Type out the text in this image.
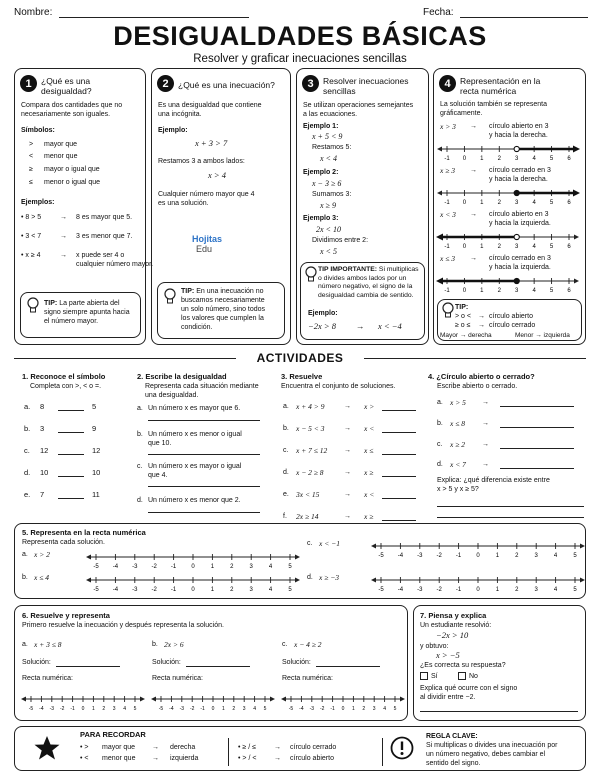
Nombre:	Fecha:
DESIGUALDADES BÁSICAS
Resolver y graficar inecuaciones sencillas
1	¿Qué es una
desigualdad?
Compara dos cantidades que no
necesariamente son iguales.
Símbolos:
> mayor que
< menor que
≥ mayor o igual que
≤ menor o igual que
Ejemplos:
• 8 > 5	→ 8 es mayor que 5.
• 3 < 7	→ 3 es menor que 7.
• x ≥ 4	→ x puede ser 4 o
cualquier número mayor.
TIP: La parte abierta del
signo siempre apunta hacia
el número mayor.
2	¿Qué es una inecuación?
Es una desigualdad que contiene
una incógnita.
Ejemplo:
x + 3 > 7
Restamos 3 a ambos lados:
x > 4
Cualquier número mayor que 4
es una solución.
Hojitas
Edu
TIP: En una inecuación no
buscamos necesariamente
un solo número, sino todos
los valores que cumplen la
condición.
3	Resolver inecuaciones
sencillas
Se utilizan operaciones semejantes
a las ecuaciones.
Ejemplo 1:
x + 5 < 9
Restamos 5:
x < 4
Ejemplo 2:
x − 3 ≥ 6
Sumamos 3:
x ≥ 9
Ejemplo 3:
2x < 10
Dividimos entre 2:
x < 5
TIP IMPORTANTE: Si multiplicas
o divides ambos lados por un
número negativo, el signo de la
desigualdad cambia de sentido.
Ejemplo:
−2x > 8 → x < −4
4	Representación en la
recta numérica
La solución también se representa
gráficamente.
TIP:
> o < → círculo abierto
≥ o ≤ → círculo cerrado
Mayor → derecha	Menor → izquierda
ACTIVIDADES
1. Reconoce el símbolo
Completa con >, < o =.
2. Escribe la desigualdad
Representa cada situación mediante
una desigualdad.
3. Resuelve
Encuentra el conjunto de soluciones.
4. ¿Círculo abierto o cerrado?
Escribe abierto o cerrado.
Explica: ¿qué diferencia existe entre
x > 5 y x ≥ 5?
5. Representa en la recta numérica
Representa cada solución.
6. Resuelve y representa
Primero resuelve la inecuación y después representa la solución.
7. Piensa y explica
Un estudiante resolvió:
−2x > 10
y obtuvo:
x > −5
¿Es correcta su respuesta?
Sí	No
Explica qué ocurre con el signo
al dividir entre −2.
PARA RECORDAR
• > mayor que → derecha
• < menor que → izquierda
• ≥ / ≤	→ círculo cerrado
• > / <	→ círculo abierto
REGLA CLAVE:
Si multiplicas o divides una inecuación por
un número negativo, debes cambiar el
sentido del signo.
x > 3 → círculo abierto en 3
y hacia la derecha.
-1 0 1 2 3 4 5 6
x ≥ 3 → círculo cerrado en 3
y hacia la derecha.
-1 0 1 2 3 4 5 6
x < 3 → círculo abierto en 3
y hacia la izquierda.
-1 0 1 2 3 4 5 6
x ≤ 3 → círculo cerrado en 3
y hacia la izquierda.
-1 0 1 2 3 4 5 6
a. 8	5
b. 3	9
c. 12	12
d. 10	10
e. 7	11
a. Un número x es mayor que 6.
b. Un número x es menor o igual
que 10.
c. Un número x es mayor o igual
que 4.
d. Un número x es menor que 2.
a. x + 4 > 9	→ x >
b. x − 5 < 3	→ x <
c. x + 7 ≤ 12 → x ≤
d. x − 2 ≥ 8	→ x ≥
e. 3x < 15	→ x <
f. 2x ≥ 14	→ x ≥
a. x > 5 →
b. x ≤ 8 →
c. x ≥ 2 →
d. x < 7 →
a. x > 2
-5 -4 -3 -2 -1	0	1	2	3	4	5
b. x ≤ 4
-5 -4 -3 -2 -1	0	1	2	3	4	5
c. x < −1
-5 -4 -3 -2 -1	0	1	2	3	4	5
d. x ≥ −3
-5 -4 -3 -2 -1	0	1	2	3	4	5
a. x + 3 ≤ 8
Solución:
Recta numérica:
-5 -4 -3 -2 -1 0 1 2 3 4 5
b. 2x > 6
Solución:
Recta numérica:
-5 -4 -3 -2 -1 0 1 2 3 4 5
c. x − 4 ≥ 2
Solución:
Recta numérica:
-5 -4 -3 -2 -1 0 1 2 3 4 5
